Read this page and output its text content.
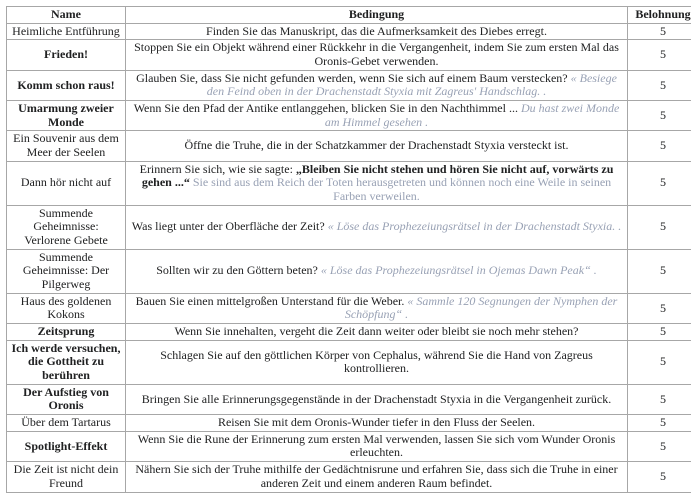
Name	Bedingung	Belohnung
Heimliche Entführung	Finden Sie das Manuskript, das die Aufmerksamkeit des Diebes erregt.	5
Frieden!	Stoppen Sie ein Objekt während einer Rückkehr in die Vergangenheit, indem Sie zum ersten Mal das Oronis-Gebet verwenden.	5
Komm schon raus!	Glauben Sie, dass Sie nicht gefunden werden, wenn Sie sich auf einem Baum verstecken? « Besiege den Feind oben in der Drachenstadt Styxia mit Zagreus' Handschlag. .	5
Umarmung zweier Monde	Wenn Sie den Pfad der Antike entlanggehen, blicken Sie in den Nachthimmel ... Du hast zwei Monde am Himmel gesehen .	5
Ein Souvenir aus dem Meer der Seelen	Öffne die Truhe, die in der Schatzkammer der Drachenstadt Styxia versteckt ist.	5
Dann hör nicht auf	Erinnern Sie sich, wie sie sagte: „Bleiben Sie nicht stehen und hören Sie nicht auf, vorwärts zu gehen ...“ Sie sind aus dem Reich der Toten herausgetreten und können noch eine Weile in seinen Farben verweilen.	5
Summende Geheimnisse: Verlorene Gebete	Was liegt unter der Oberfläche der Zeit? « Löse das Prophezeiungsrätsel in der Drachenstadt Styxia. .	5
Summende Geheimnisse: Der Pilgerweg	Sollten wir zu den Göttern beten? « Löse das Prophezeiungsrätsel in Ojemas Dawn Peak“ .	5
Haus des goldenen Kokons	Bauen Sie einen mittelgroßen Unterstand für die Weber. « Sammle 120 Segnungen der Nymphen der Schöpfung“ .	5
Zeitsprung	Wenn Sie innehalten, vergeht die Zeit dann weiter oder bleibt sie noch mehr stehen?	5
Ich werde versuchen, die Gottheit zu berühren	Schlagen Sie auf den göttlichen Körper von Cephalus, während Sie die Hand von Zagreus kontrollieren.	5
Der Aufstieg von Oronis	Bringen Sie alle Erinnerungsgegenstände in der Drachenstadt Styxia in die Vergangenheit zurück.	5
Über dem Tartarus	Reisen Sie mit dem Oronis-Wunder tiefer in den Fluss der Seelen.	5
Spotlight-Effekt	Wenn Sie die Rune der Erinnerung zum ersten Mal verwenden, lassen Sie sich vom Wunder Oronis erleuchten.	5
Die Zeit ist nicht dein Freund	Nähern Sie sich der Truhe mithilfe der Gedächtnisrune und erfahren Sie, dass sich die Truhe in einer anderen Zeit und einem anderen Raum befindet.	5
